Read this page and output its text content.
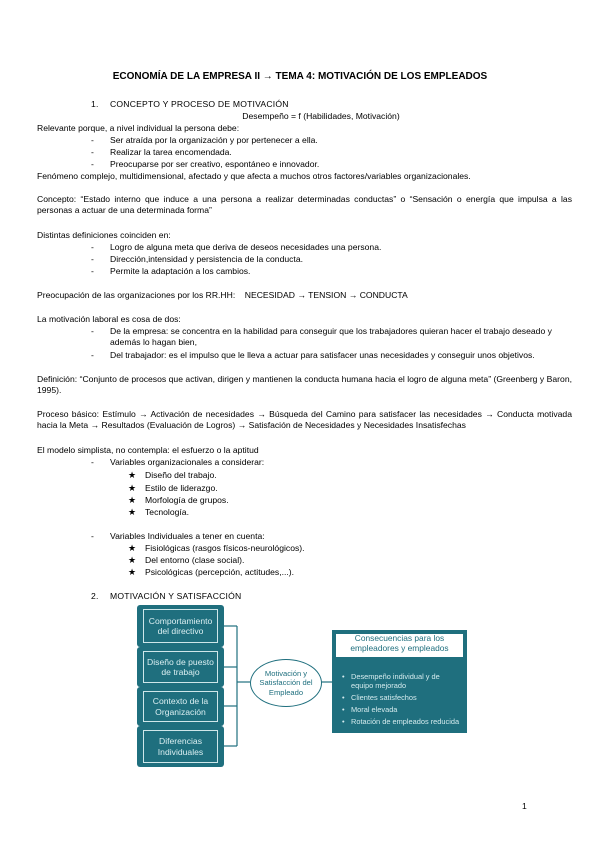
ECONOMÍA DE LA EMPRESA II → TEMA 4: MOTIVACIÓN DE LOS EMPLEADOS
1. CONCEPTO Y PROCESO DE MOTIVACIÓN
Desempeño = f (Habilidades, Motivación)
Relevante porque, a nivel individual la persona debe:
- Ser atraída por la organización y por pertenecer a ella.
- Realizar la tarea encomendada.
- Preocuparse por ser creativo, espontáneo e innovador.
Fenómeno complejo, multidimensional, afectado y que afecta a muchos otros factores/variables organizacionales.
Concepto: “Estado interno que induce a una persona a realizar determinadas conductas” o “Sensación o energía que impulsa a las personas a actuar de una determinada forma”
Distintas definiciones coinciden en:
- Logro de alguna meta que deriva de deseos necesidades una persona.
- Dirección,intensidad y persistencia de la conducta.
- Permite la adaptación a los cambios.
Preocupación de las organizaciones por los RR.HH:    NECESIDAD → TENSION → CONDUCTA
La motivación laboral es cosa de dos:
- De la empresa: se concentra en la habilidad para conseguir que los trabajadores quieran hacer el trabajo deseado y además lo hagan bien,
- Del trabajador: es el impulso que le lleva a actuar para satisfacer unas necesidades y conseguir unos objetivos.
Definición: “Conjunto de procesos que activan, dirigen y mantienen la conducta humana hacia el logro de alguna meta” (Greenberg y Baron, 1995).
Proceso básico: Estímulo → Activación de necesidades → Búsqueda del Camino para satisfacer las necesidades → Conducta motivada hacia la Meta → Resultados (Evaluación de Logros) → Satisfación de Necesidades y Necesidades Insatisfechas
El modelo simplista, no contempla: el esfuerzo o la aptitud
- Variables organizacionales a considerar:
★ Diseño del trabajo.
★ Estilo de liderazgo.
★ Morfología de grupos.
★ Tecnología.
- Variables Individuales a tener en cuenta:
★ Fisiológicas (rasgos físicos-neurológicos).
★ Del entorno (clase social).
★ Psicológicas (percepción, actitudes,...).
2. MOTIVACIÓN Y SATISFACCIÓN
Comportamiento del directivo
Diseño de puesto de trabajo
Contexto de la Organización
Diferencias Individuales
Motivación y Satisfacción del Empleado
Consecuencias para los empleadores y empleados
• Desempeño individual y de equipo mejorado
• Clientes satisfechos
• Moral elevada
• Rotación de empleados reducida
1
